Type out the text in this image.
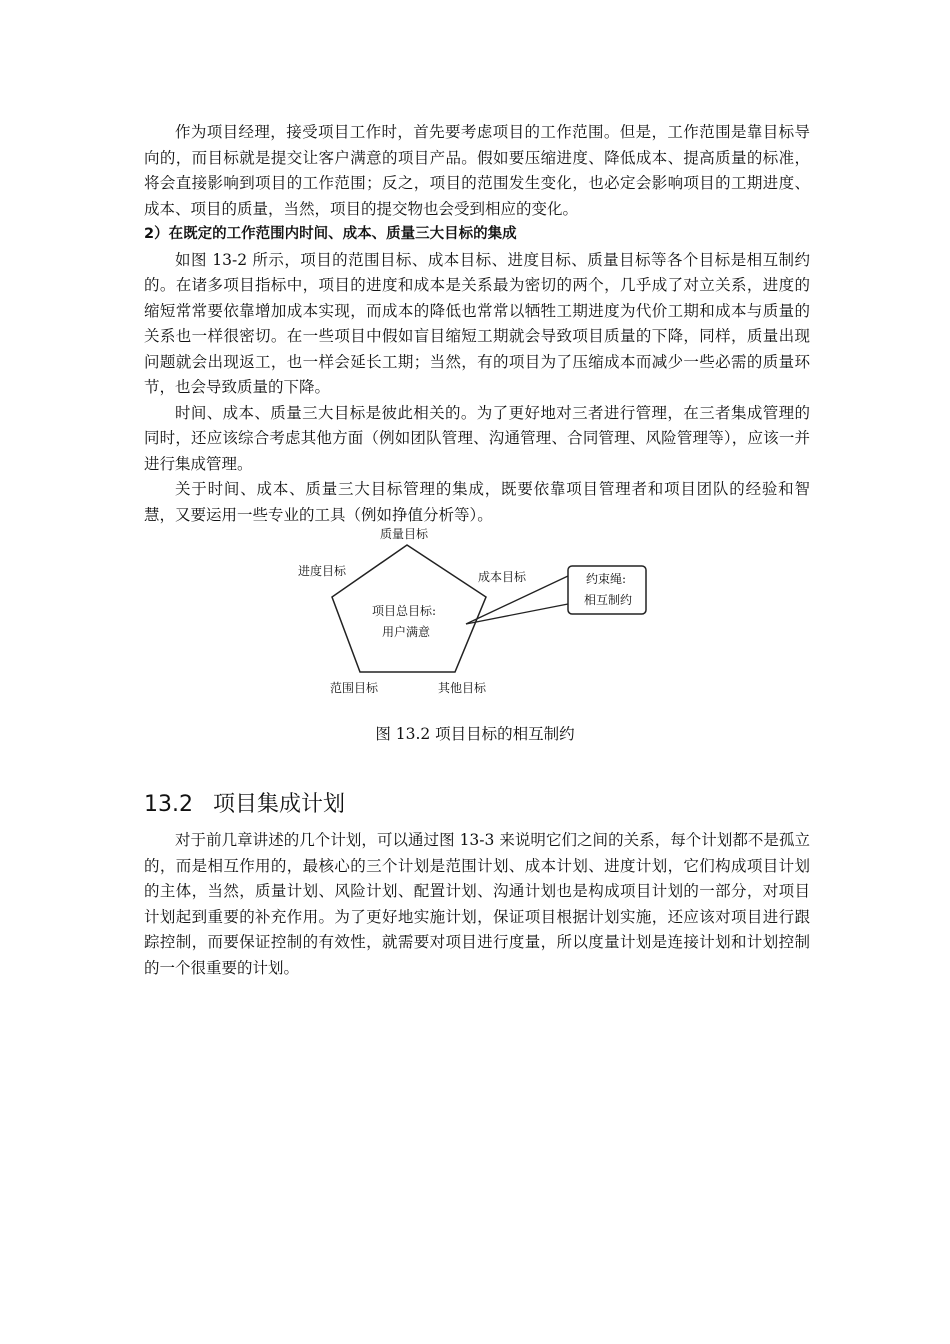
作为项目经理，接受项目工作时，首先要考虑项目的工作范围。但是，工作范围是靠目标导向的，而目标就是提交让客户满意的项目产品。假如要压缩进度、降低成本、提高质量的标准，将会直接影响到项目的工作范围；反之，项目的范围发生变化，也必定会影响项目的工期进度、成本、项目的质量，当然，项目的提交物也会受到相应的变化。

2）在既定的工作范围内时间、成本、质量三大目标的集成

如图 13-2 所示，项目的范围目标、成本目标、进度目标、质量目标等各个目标是相互制约的。在诸多项目指标中，项目的进度和成本是关系最为密切的两个，几乎成了对立关系，进度的缩短常常要依靠增加成本实现，而成本的降低也常常以牺牲工期进度为代价工期和成本与质量的关系也一样很密切。在一些项目中假如盲目缩短工期就会导致项目质量的下降，同样，质量出现问题就会出现返工，也一样会延长工期；当然，有的项目为了压缩成本而减少一些必需的质量环节，也会导致质量的下降。

时间、成本、质量三大目标是彼此相关的。为了更好地对三者进行管理，在三者集成管理的同时，还应该综合考虑其他方面（例如团队管理、沟通管理、合同管理、风险管理等），应该一并进行集成管理。

关于时间、成本、质量三大目标管理的集成，既要依靠项目管理者和项目团队的经验和智慧，又要运用一些专业的工具（例如挣值分析等）。

质量目标
进度目标	成本目标
范围目标	其他目标
项目总目标:
用户满意
约束绳:
相互制约
图 13.2 项目目标的相互制约
13.2 项目集成计划

对于前几章讲述的几个计划，可以通过图 13-3 来说明它们之间的关系，每个计划都不是孤立的，而是相互作用的，最核心的三个计划是范围计划、成本计划、进度计划，它们构成项目计划的主体，当然，质量计划、风险计划、配置计划、沟通计划也是构成项目计划的一部分，对项目计划起到重要的补充作用。为了更好地实施计划，保证项目根据计划实施，还应该对项目进行跟踪控制，而要保证控制的有效性，就需要对项目进行度量，所以度量计划是连接计划和计划控制的一个很重要的计划。
